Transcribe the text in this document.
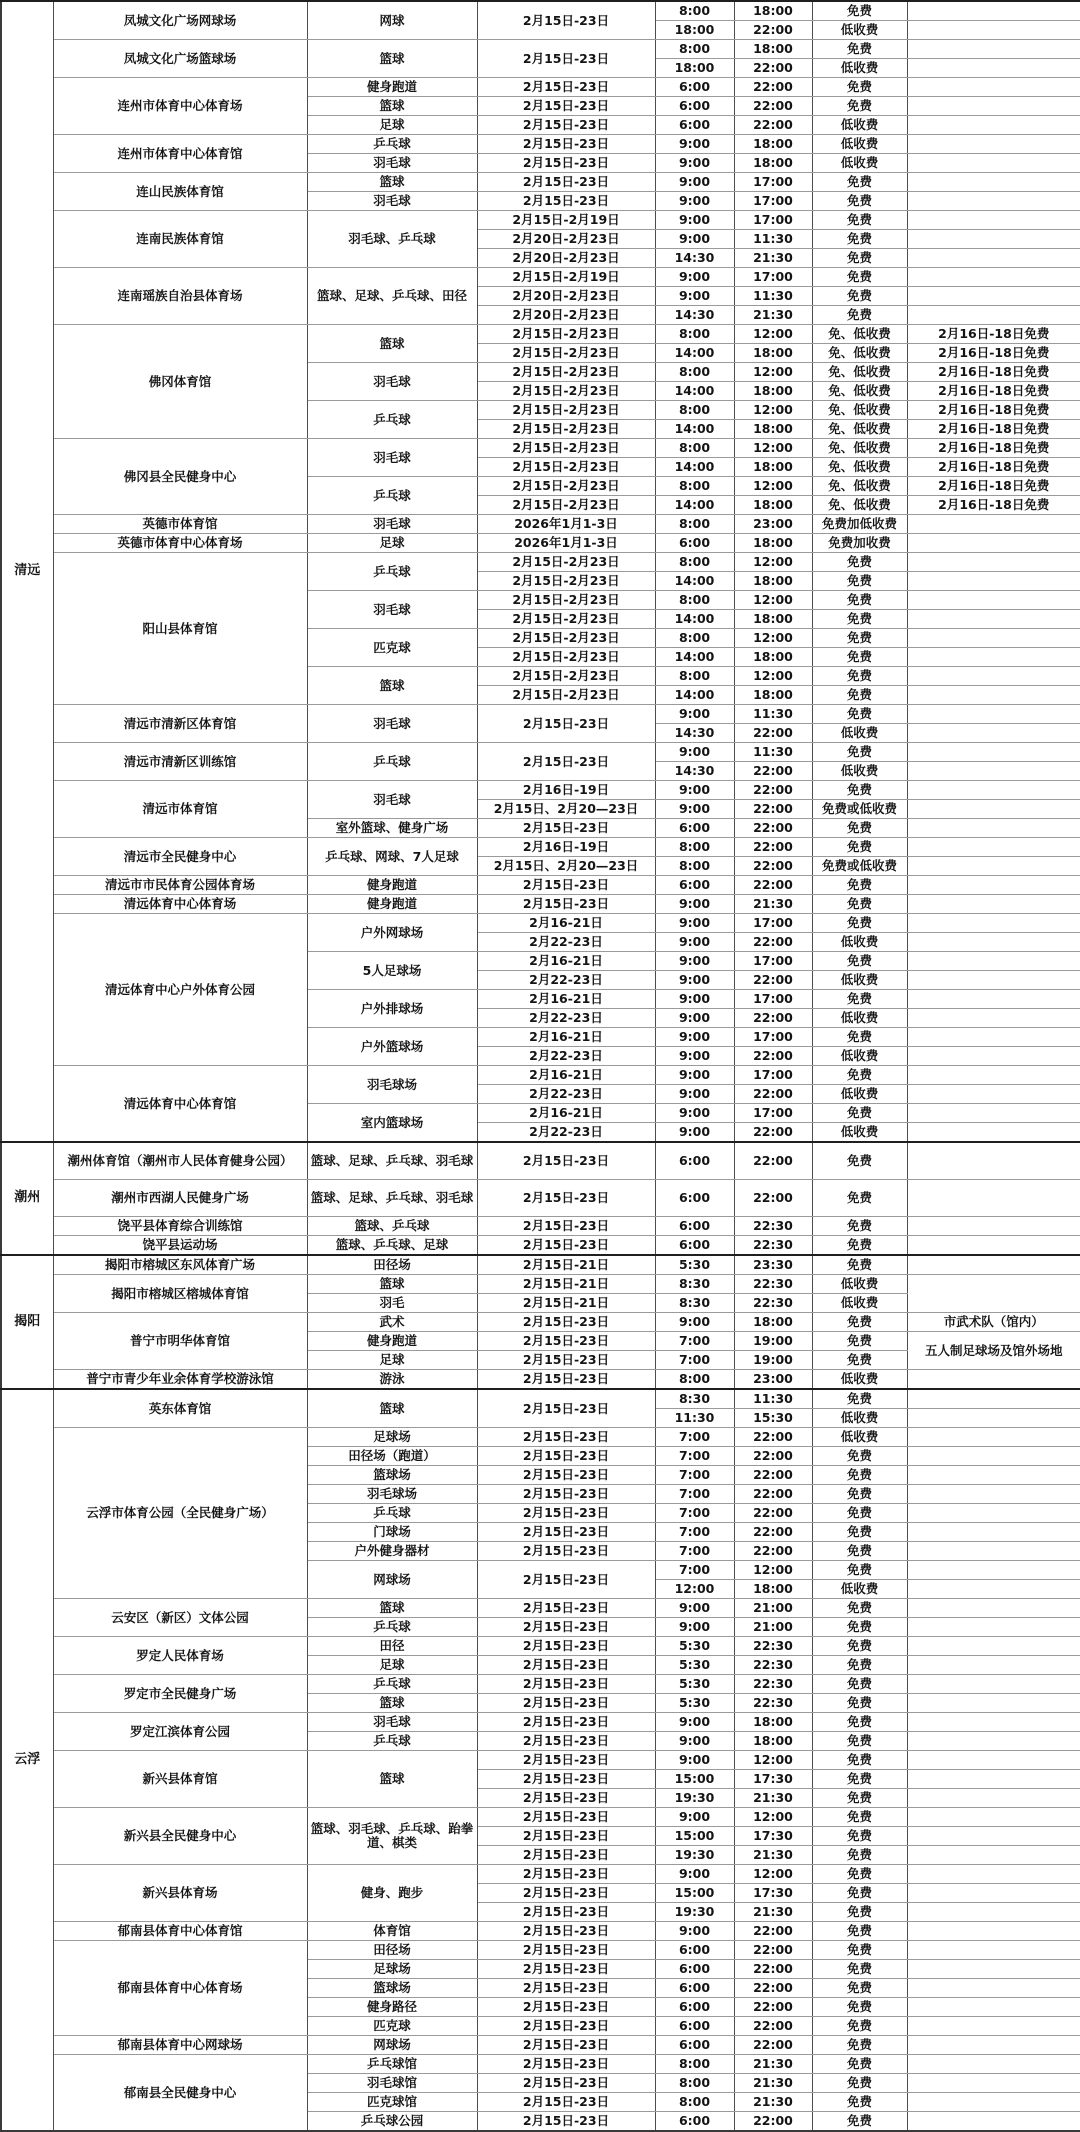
清远	凤城文化广场网球场	网球	2月15日-23日	8:00	18:00	免费	
				18:00	22:00	低收费	
	凤城文化广场篮球场	篮球	2月15日-23日	8:00	18:00	免费	
				18:00	22:00	低收费	
	连州市体育中心体育场	健身跑道	2月15日-23日	6:00	22:00	免费	
		篮球	2月15日-23日	6:00	22:00	免费	
		足球	2月15日-23日	6:00	22:00	低收费	
	连州市体育中心体育馆	乒乓球	2月15日-23日	9:00	18:00	低收费	
		羽毛球	2月15日-23日	9:00	18:00	低收费	
	连山民族体育馆	篮球	2月15日-23日	9:00	17:00	免费	
		羽毛球	2月15日-23日	9:00	17:00	免费	
	连南民族体育馆	羽毛球、乒乓球	2月15日-2月19日	9:00	17:00	免费	
			2月20日-2月23日	9:00	11:30	免费	
			2月20日-2月23日	14:30	21:30	免费	
	连南瑶族自治县体育场	篮球、足球、乒乓球、田径	2月15日-2月19日	9:00	17:00	免费	
			2月20日-2月23日	9:00	11:30	免费	
			2月20日-2月23日	14:30	21:30	免费	
	佛冈体育馆	篮球	2月15日-2月23日	8:00	12:00	免、低收费	2月16日-18日免费
			2月15日-2月23日	14:00	18:00	免、低收费	2月16日-18日免费
		羽毛球	2月15日-2月23日	8:00	12:00	免、低收费	2月16日-18日免费
			2月15日-2月23日	14:00	18:00	免、低收费	2月16日-18日免费
		乒乓球	2月15日-2月23日	8:00	12:00	免、低收费	2月16日-18日免费
			2月15日-2月23日	14:00	18:00	免、低收费	2月16日-18日免费
	佛冈县全民健身中心	羽毛球	2月15日-2月23日	8:00	12:00	免、低收费	2月16日-18日免费
			2月15日-2月23日	14:00	18:00	免、低收费	2月16日-18日免费
		乒乓球	2月15日-2月23日	8:00	12:00	免、低收费	2月16日-18日免费
			2月15日-2月23日	14:00	18:00	免、低收费	2月16日-18日免费
	英德市体育馆	羽毛球	2026年1月1-3日	8:00	23:00	免费加低收费	
	英德市体育中心体育场	足球	2026年1月1-3日	6:00	18:00	免费加收费	
	阳山县体育馆	乒乓球	2月15日-2月23日	8:00	12:00	免费	
			2月15日-2月23日	14:00	18:00	免费	
		羽毛球	2月15日-2月23日	8:00	12:00	免费	
			2月15日-2月23日	14:00	18:00	免费	
		匹克球	2月15日-2月23日	8:00	12:00	免费	
			2月15日-2月23日	14:00	18:00	免费	
		篮球	2月15日-2月23日	8:00	12:00	免费	
			2月15日-2月23日	14:00	18:00	免费	
	清远市清新区体育馆	羽毛球	2月15日-23日	9:00	11:30	免费	
				14:30	22:00	低收费	
	清远市清新区训练馆	乒乓球	2月15日-23日	9:00	11:30	免费	
				14:30	22:00	低收费	
	清远市体育馆	羽毛球	2月16日-19日	9:00	22:00	免费	
			2月15日、2月20—23日	9:00	22:00	免费或低收费	
		室外篮球、健身广场	2月15日-23日	6:00	22:00	免费	
	清远市全民健身中心	乒乓球、网球、7人足球	2月16日-19日	8:00	22:00	免费	
			2月15日、2月20—23日	8:00	22:00	免费或低收费	
	清远市市民体育公园体育场	健身跑道	2月15日-23日	6:00	22:00	免费	
	清远体育中心体育场	健身跑道	2月15日-23日	9:00	21:30	免费	
	清远体育中心户外体育公园	户外网球场	2月16-21日	9:00	17:00	免费	
			2月22-23日	9:00	22:00	低收费	
		5人足球场	2月16-21日	9:00	17:00	免费	
			2月22-23日	9:00	22:00	低收费	
		户外排球场	2月16-21日	9:00	17:00	免费	
			2月22-23日	9:00	22:00	低收费	
		户外篮球场	2月16-21日	9:00	17:00	免费	
			2月22-23日	9:00	22:00	低收费	
	清远体育中心体育馆	羽毛球场	2月16-21日	9:00	17:00	免费	
			2月22-23日	9:00	22:00	低收费	
		室内篮球场	2月16-21日	9:00	17:00	免费	
			2月22-23日	9:00	22:00	低收费	
潮州	潮州体育馆（潮州市人民体育健身公园）	篮球、足球、乒乓球、羽毛球	2月15日-23日	6:00	22:00	免费	
	潮州市西湖人民健身广场	篮球、足球、乒乓球、羽毛球	2月15日-23日	6:00	22:00	免费	
	饶平县体育综合训练馆	篮球、乒乓球	2月15日-23日	6:00	22:30	免费	
	饶平县运动场	篮球、乒乓球、足球	2月15日-23日	6:00	22:30	免费	
揭阳	揭阳市榕城区东风体育广场	田径场	2月15日-21日	5:30	23:30	免费	
	揭阳市榕城区榕城体育馆	篮球	2月15日-21日	8:30	22:30	低收费	
		羽毛	2月15日-21日	8:30	22:30	低收费	
	普宁市明华体育馆	武术	2月15日-23日	9:00	18:00	免费	市武术队（馆内）
		健身跑道	2月15日-23日	7:00	19:00	免费	五人制足球场及馆外场地
		足球	2月15日-23日	7:00	19:00	免费	
	普宁市青少年业余体育学校游泳馆	游泳	2月15日-23日	8:00	23:00	低收费	
云浮	英东体育馆	篮球	2月15日-23日	8:30	11:30	免费	
				11:30	15:30	低收费	
	云浮市体育公园（全民健身广场）	足球场	2月15日-23日	7:00	22:00	低收费	
		田径场（跑道）	2月15日-23日	7:00	22:00	免费	
		篮球场	2月15日-23日	7:00	22:00	免费	
		羽毛球场	2月15日-23日	7:00	22:00	免费	
		乒乓球	2月15日-23日	7:00	22:00	免费	
		门球场	2月15日-23日	7:00	22:00	免费	
		户外健身器材	2月15日-23日	7:00	22:00	免费	
		网球场	2月15日-23日	7:00	12:00	免费	
				12:00	18:00	低收费	
	云安区（新区）文体公园	篮球	2月15日-23日	9:00	21:00	免费	
		乒乓球	2月15日-23日	9:00	21:00	免费	
	罗定人民体育场	田径	2月15日-23日	5:30	22:30	免费	
		足球	2月15日-23日	5:30	22:30	免费	
	罗定市全民健身广场	乒乓球	2月15日-23日	5:30	22:30	免费	
		篮球	2月15日-23日	5:30	22:30	免费	
	罗定江滨体育公园	羽毛球	2月15日-23日	9:00	18:00	免费	
		乒乓球	2月15日-23日	9:00	18:00	免费	
	新兴县体育馆	篮球	2月15日-23日	9:00	12:00	免费	
			2月15日-23日	15:00	17:30	免费	
			2月15日-23日	19:30	21:30	免费	
	新兴县全民健身中心	篮球、羽毛球、乒乓球、跆拳道、棋类	2月15日-23日	9:00	12:00	免费	
			2月15日-23日	15:00	17:30	免费	
			2月15日-23日	19:30	21:30	免费	
	新兴县体育场	健身、跑步	2月15日-23日	9:00	12:00	免费	
			2月15日-23日	15:00	17:30	免费	
			2月15日-23日	19:30	21:30	免费	
	郁南县体育中心体育馆	体育馆	2月15日-23日	9:00	22:00	免费	
	郁南县体育中心体育场	田径场	2月15日-23日	6:00	22:00	免费	
		足球场	2月15日-23日	6:00	22:00	免费	
		篮球场	2月15日-23日	6:00	22:00	免费	
		健身路径	2月15日-23日	6:00	22:00	免费	
		匹克球	2月15日-23日	6:00	22:00	免费	
	郁南县体育中心网球场	网球场	2月15日-23日	6:00	22:00	免费	
	郁南县全民健身中心	乒乓球馆	2月15日-23日	8:00	21:30	免费	
		羽毛球馆	2月15日-23日	8:00	21:30	免费	
		匹克球馆	2月15日-23日	8:00	21:30	免费	
		乒乓球公园	2月15日-23日	6:00	22:00	免费	
